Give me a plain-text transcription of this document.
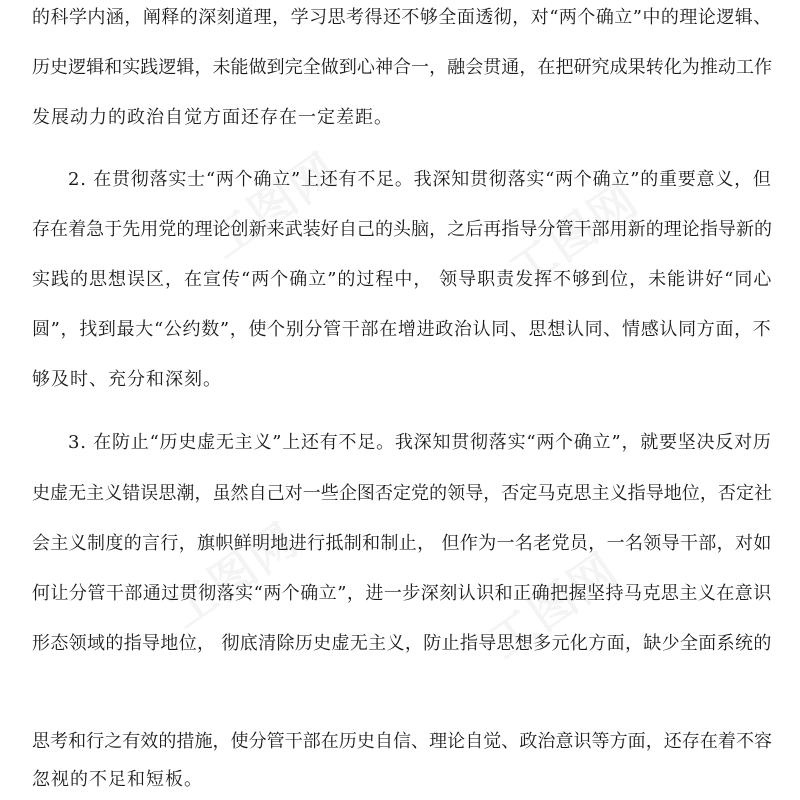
的科学内涵，阐释的深刻道理，学习思考得还不够全面透彻，对“两个确立”中的理论逻辑、
历史逻辑和实践逻辑，未能做到完全做到心神合一，融会贯通，在把研究成果转化为推动工作
发展动力的政治自觉方面还存在一定差距。
2. 在贯彻落实士“两个确立”上还有不足。我深知贯彻落实“两个确立”的重要意义，但
存在着急于先用党的理论创新来武装好自己的头脑，之后再指导分管干部用新的理论指导新的
实践的思想误区，在宣传“两个确立”的过程中， 领导职责发挥不够到位，未能讲好“同心
圆”，找到最大“公约数”，使个别分管干部在增进政治认同、思想认同、情感认同方面，不
够及时、充分和深刻。
3. 在防止“历史虚无主义”上还有不足。我深知贯彻落实“两个确立”，就要坚决反对历
史虚无主义错误思潮，虽然自己对一些企图否定党的领导，否定马克思主义指导地位，否定社
会主义制度的言行，旗帜鲜明地进行抵制和制止， 但作为一名老党员，一名领导干部，对如
何让分管干部通过贯彻落实“两个确立”，进一步深刻认识和正确把握坚持马克思主义在意识
形态领域的指导地位， 彻底清除历史虚无主义，防止指导思想多元化方面，缺少全面系统的
思考和行之有效的措施，使分管干部在历史自信、理论自觉、政治意识等方面，还存在着不容
忽视的不足和短板。
